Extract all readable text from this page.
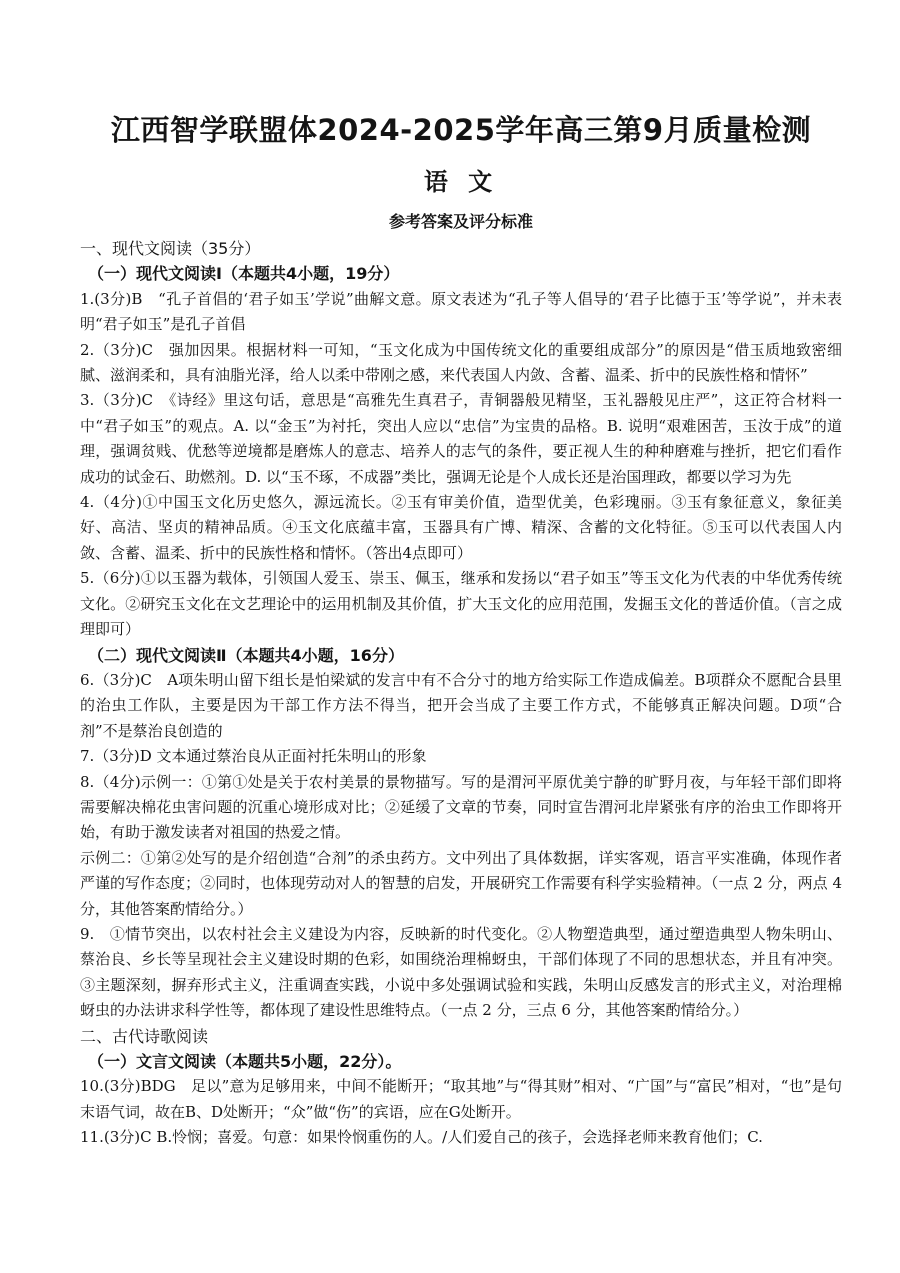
江西智学联盟体2024-2025学年高三第9月质量检测
语 文
参考答案及评分标准

一、现代文阅读（35分）

（一）现代文阅读Ⅰ（本题共4小题，19分）

1.(3分)B　“孔子首倡的‘君子如玉’学说”曲解文意。原文表述为“孔子等人倡导的‘君子比德于玉’等学说”，并未表明“君子如玉”是孔子首倡

2.（3分)C　强加因果。根据材料一可知，“玉文化成为中国传统文化的重要组成部分”的原因是“借玉质地致密细腻、滋润柔和，具有油脂光泽，给人以柔中带刚之感，来代表国人内敛、含蓄、温柔、折中的民族性格和情怀”

3.（3分)C　《诗经》里这句话，意思是“高雅先生真君子，青铜器般见精坚，玉礼器般见庄严”，这正符合材料一中“君子如玉”的观点。A. 以“金玉”为衬托，突出人应以“忠信”为宝贵的品格。B. 说明“艰难困苦，玉汝于成”的道理，强调贫贱、优愁等逆境都是磨炼人的意志、培养人的志气的条件，要正视人生的种种磨难与挫折，把它们看作成功的试金石、助燃剂。D. 以“玉不琢，不成器”类比，强调无论是个人成长还是治国理政，都要以学习为先

4.（4分)①中国玉文化历史悠久，源远流长。②玉有审美价值，造型优美，色彩瑰丽。③玉有象征意义，象征美好、高洁、坚贞的精神品质。④玉文化底蕴丰富，玉器具有广博、精深、含蓄的文化特征。⑤玉可以代表国人内敛、含蓄、温柔、折中的民族性格和情怀。（答出4点即可）

5.（6分)①以玉器为载体，引领国人爱玉、崇玉、佩玉，继承和发扬以“君子如玉”等玉文化为代表的中华优秀传统文化。②研究玉文化在文艺理论中的运用机制及其价值，扩大玉文化的应用范围，发掘玉文化的普适价值。（言之成理即可）

（二）现代文阅读Ⅱ（本题共4小题，16分）

6.（3分)C　A项朱明山留下组长是怕梁斌的发言中有不合分寸的地方给实际工作造成偏差。B项群众不愿配合县里的治虫工作队，主要是因为干部工作方法不得当，把开会当成了主要工作方式，不能够真正解决问题。D项“合剂”不是蔡治良创造的

7.（3分)D 文本通过蔡治良从正面衬托朱明山的形象

8.（4分)示例一：①第①处是关于农村美景的景物描写。写的是渭河平原优美宁静的旷野月夜，与年轻干部们即将需要解决棉花虫害问题的沉重心境形成对比；②延缓了文章的节奏，同时宣告渭河北岸紧张有序的治虫工作即将开始，有助于激发读者对祖国的热爱之情。

示例二：①第②处写的是介绍创造“合剂”的杀虫药方。文中列出了具体数据，详实客观，语言平实准确，体现作者严谨的写作态度；②同时，也体现劳动对人的智慧的启发，开展研究工作需要有科学实验精神。（一点 2 分，两点 4 分，其他答案酌情给分。）

9.　①情节突出，以农村社会主义建设为内容，反映新的时代变化。②人物塑造典型，通过塑造典型人物朱明山、蔡治良、乡长等呈现社会主义建设时期的色彩，如围绕治理棉蚜虫，干部们体现了不同的思想状态，并且有冲突。③主题深刻，摒弃形式主义，注重调查实践，小说中多处强调试验和实践，朱明山反感发言的形式主义，对治理棉蚜虫的办法讲求科学性等，都体现了建设性思维特点。（一点 2 分，三点 6 分，其他答案酌情给分。）

二、古代诗歌阅读

（一）文言文阅读（本题共5小题，22分）。

10.(3分)BDG　足以”意为足够用来，中间不能断开；“取其地”与“得其财”相对、“广国”与“富民”相对，“也”是句末语气词，故在B、D处断开；“众”做“伤”的宾语，应在G处断开。

11.(3分)C B.怜悯；喜爱。句意：如果怜悯重伤的人。/人们爱自己的孩子，会选择老师来教育他们；C.
